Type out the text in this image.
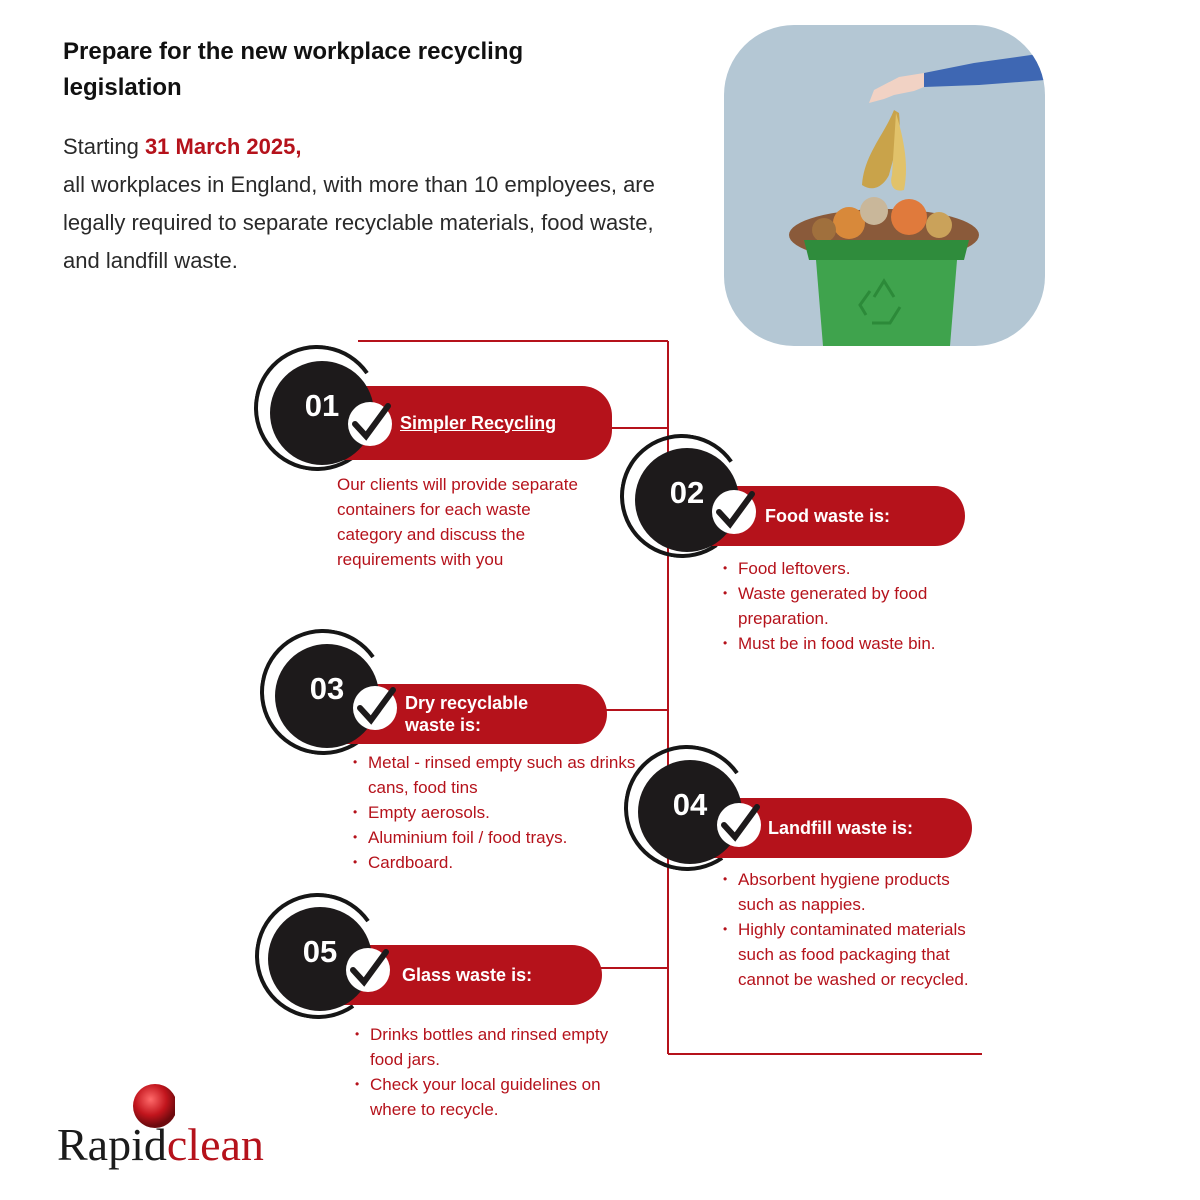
Prepare for the new workplace recycling legislation
Starting 31 March 2025,
all workplaces in England, with more than 10 employees, are legally required to separate recyclable materials, food waste, and landfill waste.
Simpler Recycling
01
Our clients will provide separate containers for each waste category and discuss the requirements with you
Food waste is:
02
• Food leftovers.
• Waste generated by food preparation.
• Must be in food waste bin.
Dry recyclable waste is:
03
• Metal - rinsed empty such as drinks cans, food tins
• Empty aerosols.
• Aluminium foil / food trays.
• Cardboard.
Landfill waste is:
04
• Absorbent hygiene products such as nappies.
• Highly contaminated materials such as food packaging that cannot be washed or recycled.
Glass waste is:
05
• Drinks bottles and rinsed empty food jars.
• Check your local guidelines on where to recycle.
Rapidclean
